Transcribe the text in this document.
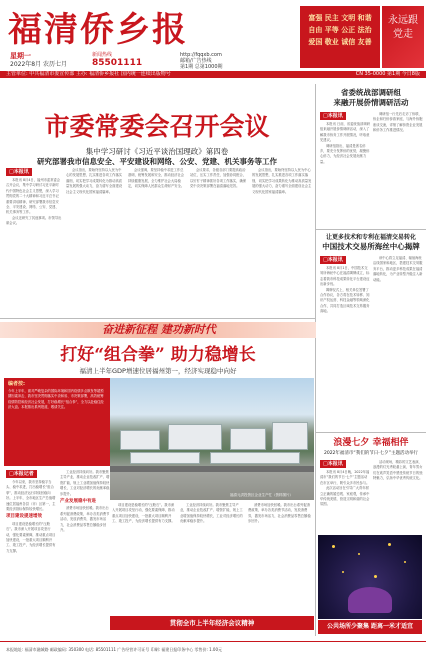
福清侨乡报
星期一
2022年8月 农历七月
新闻热线
85501111
http://fqqxb.com
邮箱/广告热线
第1期 总第1000期
富强 民主 文明 和谐
自由 平等 公正 法治
爱国 敬业 诚信 友善
永远跟党走
主管单位: 中共福清市委宣传部 主办: 福清侨乡报社 国内统一连续出版物号	CN 35-0000 第1期 今日8版
市委常委会召开会议
集中学习研讨《习近平谈治国理政》第四卷
研究部署我市信息安全、平安建设和网络、公安、党建、机关事务等工作
□本报讯

本报讯 8月4日，福州市委常委会召开会议，集中学习研讨习近平新时代中国特色社会主义思想，深入学习贯彻党的二十大精神和习近平总书记重要讲话精神，研究部署我市信息安全、平安建设、网络、公安、党建、机关事务等工作。

会议还研究了其他事项。市领导出席会议。

会议指出，要始终坚持以人民为中心的发展思想，扎实推进各项工作落实落细，切实把学习成果转化为推动高质量发展的强大动力，奋力谱写全面建设社会主义现代化国家福清篇章。

会议强调，要坚持稳中求进工作总基调，统筹发展和安全，推动经济社会持续健康发展，全力维护社会大局稳定，切实保障人民群众生命财产安全。

会议要求，各级各部门要提高政治站位，压实工作责任，加强协同配合，以钉钉子精神抓好各项工作落实，确保党中央决策部署在福清落地见效。

会议指出，要始终坚持以人民为中心的发展思想，扎实推进各项工作落实落细，切实把学习成果转化为推动高质量发展的强大动力，奋力谱写全面建设社会主义现代化国家福清篇章。

省委统战部调研组
来融开展侨情调研活动
□本报讯

本报讯 日前，省委统战部调研组来融开展侨情调研活动，深入了解我市侨务工作开展情况，听取意见建议。

调研组指出，福清是著名侨乡，要充分发挥侨的优势，凝聚侨心侨力，为经济社会发展贡献力量。

调研组一行先后走访了侨联、侨企和归侨侨眷家庭，与海外侨胞座谈交流，详细了解侨资企业发展和侨务工作推进情况。

让更多技术和专利在福清交易转化
中国技术交易所海丝中心揭牌
□本报讯

本报讯 8月1日，中国技术交易所海丝中心在福清揭牌成立，标志着我市科技成果转化平台建设迈出新步伐。

揭牌仪式上，相关单位签署了合作协议，各方将在技术转移、知识产权运营、科技金融等领域深化合作，共同打造区域技术交易服务高地。

该中心将立足福清、辐射海丝沿线国家和地区，搭建技术交易服务平台，推动更多科技成果在福清落地转化，为产业转型升级注入新动能。

奋进新征程 建功新时代
打好“组合拳” 助力稳增长
福清上半年GDP增速位居福州第一，经济实现稳中向好
编者按:
今年上半年，面对严峻复杂的国际环境和国内疫情多点散发等超预期因素冲击，我市坚决贯彻落实中央和省、市决策部署，高效统筹疫情防控和经济社会发展，打好稳增长“组合拳”，全力以赴稳住经济大盘。本报推出系列报道，敬请关注。
福清元洪投资区企业生产忙（资料图片）
□本报记者

今年以来，我市坚持稳字当头、稳中求进，打出稳增长“组合拳”，推动经济运行持续回稳向好。上半年，全市地区生产总值增速位居福州各县（市）区第一，主要经济指标保持较快增长。

项目建设提速增效

项目建设是稳增长的“压舱石”。我市深入开展项目攻坚行动，强化要素保障，推动重点项目加快建设，一批重大项目顺利开工、竣工投产，为经济增长提供有力支撑。

工业经济持续向好。我市聚焦主导产业，推动企业技改扩产、增资扩能，规上工业增加值保持较快增长，工业对经济增长的贡献率稳步提升。

产业发展稳中有进

消费市场加快回暖。我市出台系列促消费政策，举办各类消费节活动，发放消费券，激发市场活力，社会消费品零售总额稳步回升。

项目建设是稳增长的“压舱石”。我市深入开展项目攻坚行动，强化要素保障，推动重点项目加快建设，一批重大项目顺利开工、竣工投产，为经济增长提供有力支撑。

工业经济持续向好。我市聚焦主导产业，推动企业技改扩产、增资扩能，规上工业增加值保持较快增长，工业对经济增长的贡献率稳步提升。

消费市场加快回暖。我市出台系列促消费政策，举办各类消费节活动，发放消费券，激发市场活力，社会消费品零售总额稳步回升。

贯彻全市上半年经济会议精神
浪漫七夕 幸福相伴
2022年福清市“我们的节日·七夕”主题活动举行
□本报讯

本报讯 8月4日晚，2022年福清市“我们的节日·七夕”主题活动在市区举行，吸引众多市民参与。

此次活动旨在引导广大青年树立正确的婚恋观、家庭观，传承中华传统美德，营造文明和谐的社会氛围。

活动现场，精彩的文艺表演、浪漫的灯光秀轮番上演，青年男女们在欢声笑语中感受传统节日的独特魅力，弘扬中华优秀传统文化。

公共场所少聚集 距离一米才适宜
本报地址: 福清市融城路 邮政编码: 350300 电话: 85501111 广告经营许可证号 印刷: 福建日报印务中心 零售价: 1.00元
